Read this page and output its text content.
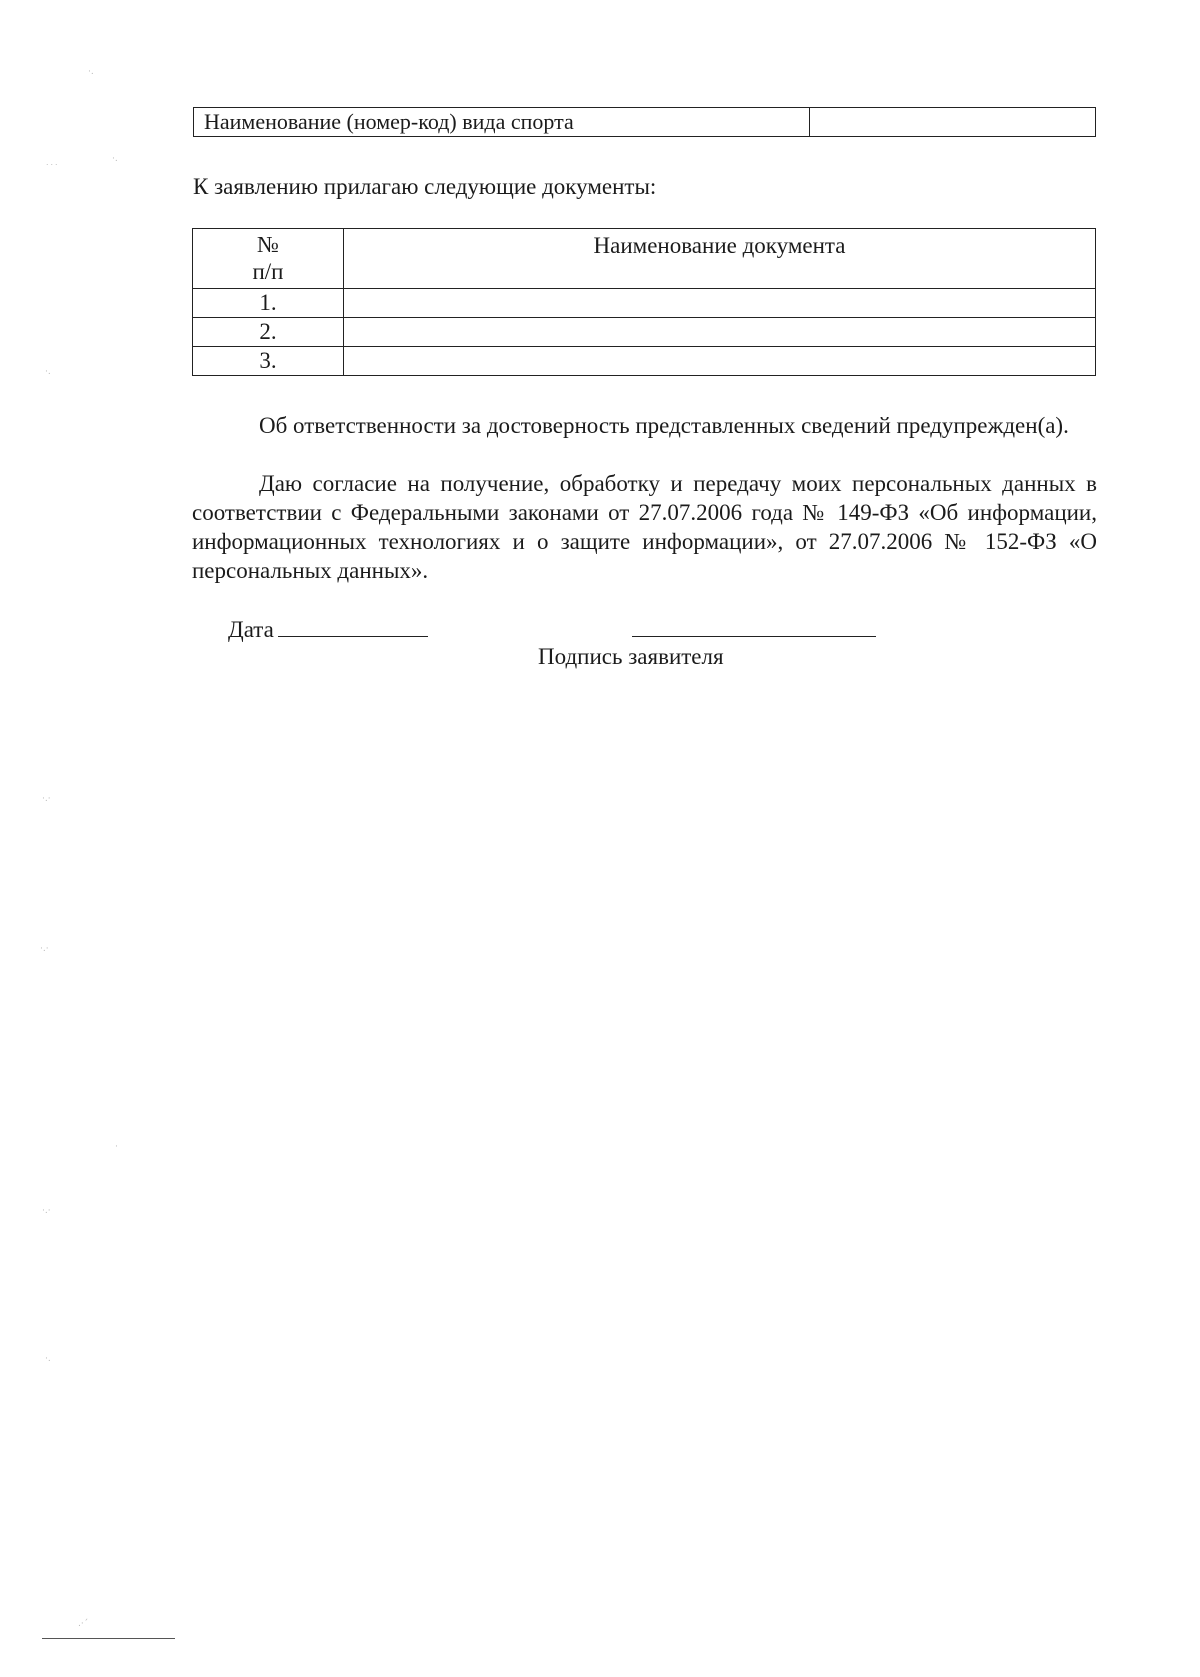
Наименование (номер-код) вида спорта	
К заявлению прилагаю следующие документы:
№
п/п	Наименование документа
1.	
2.	
3.	

Об ответственности за достоверность представленных сведений предупрежден(а).

Даю согласие на получение, обработку и передачу моих персональных данных в соответствии с Федеральными законами от 27.07.2006 года № 149-ФЗ «Об информации, информационных технологиях и о защите информации», от 27.07.2006 № 152-ФЗ «О персональных данных».

Дата
Подпись заявителя
·.
˙˙˙
·.
·.
·.·
·.·
·
·.·
·.
.·´
